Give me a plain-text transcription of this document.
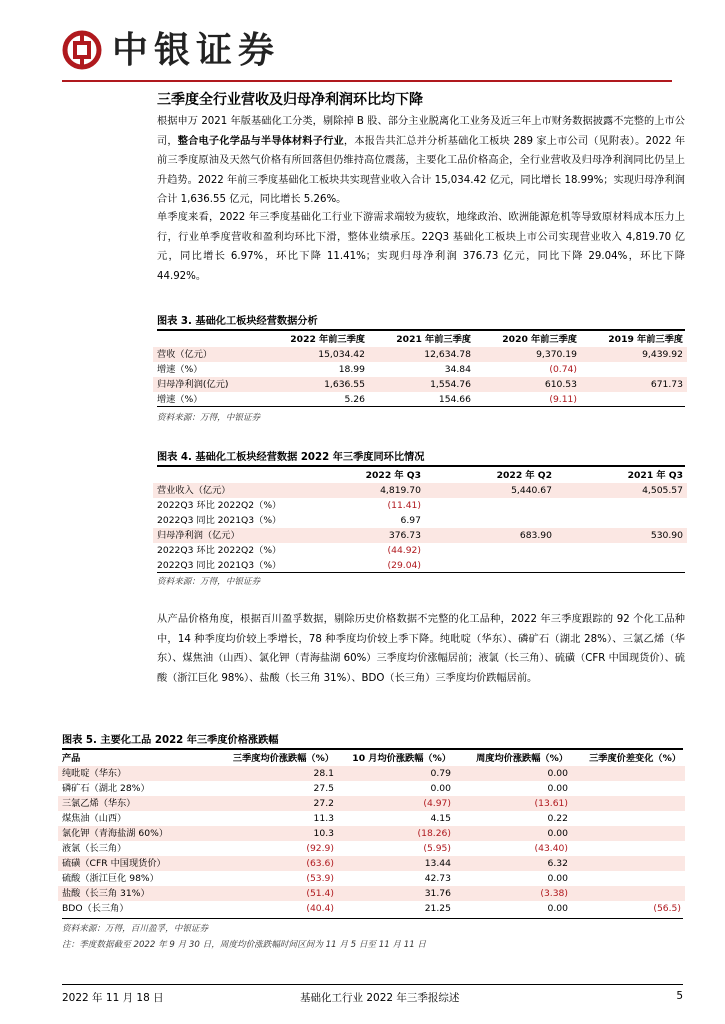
中银证券
三季度全行业营收及归母净利润环比均下降
根据申万 2021 年版基础化工分类，剔除掉 B 股、部分主业脱离化工业务及近三年上市财务数据披露不完整的上市公司，整合电子化学品与半导体材料子行业，本报告共汇总并分析基础化工板块 289 家上市公司（见附表）。2022 年前三季度原油及天然气价格有所回落但仍维持高位震荡，主要化工品价格高企，全行业营收及归母净利润同比仍呈上升趋势。2022 年前三季度基础化工板块共实现营业收入合计 15,034.42 亿元，同比增长 18.99%；实现归母净利润合计 1,636.55 亿元，同比增长 5.26%。
单季度来看，2022 年三季度基础化工行业下游需求端较为疲软，地缘政治、欧洲能源危机等导致原材料成本压力上行，行业单季度营收和盈利均环比下滑，整体业绩承压。22Q3 基础化工板块上市公司实现营业收入 4,819.70 亿元，同比增长 6.97%，环比下降 11.41%；实现归母净利润 376.73 亿元，同比下降 29.04%，环比下降 44.92%。
图表 3. 基础化工板块经营数据分析
	2022 年前三季度	2021 年前三季度	2020 年前三季度	2019 年前三季度
营收（亿元）	15,034.42	12,634.78	9,370.19	9,439.92
增速（%）	18.99	34.84	(0.74)	
归母净利润(亿元)	1,636.55	1,554.76	610.53	671.73
增速（%）	5.26	154.66	(9.11)	
资料来源：万得，中银证券
图表 4. 基础化工板块经营数据 2022 年三季度同环比情况
	2022 年 Q3	2022 年 Q2	2021 年 Q3
营业收入（亿元）	4,819.70	5,440.67	4,505.57
2022Q3 环比 2022Q2（%）	(11.41)		
2022Q3 同比 2021Q3（%）	6.97		
归母净利润（亿元）	376.73	683.90	530.90
2022Q3 环比 2022Q2（%）	(44.92)		
2022Q3 同比 2021Q3（%）	(29.04)		
资料来源：万得，中银证券
从产品价格角度，根据百川盈孚数据，剔除历史价格数据不完整的化工品种，2022 年三季度跟踪的 92 个化工品种中，14 种季度均价较上季增长，78 种季度均价较上季下降。纯吡啶（华东）、磷矿石（湖北 28%）、三氯乙烯（华东）、煤焦油（山西）、氯化钾（青海盐湖 60%）三季度均价涨幅居前；液氯（长三角）、硫磺（CFR 中国现货价）、硫酸（浙江巨化 98%）、盐酸（长三角 31%）、BDO（长三角）三季度均价跌幅居前。
图表 5. 主要化工品 2022 年三季度价格涨跌幅
产品	三季度均价涨跌幅（%）	10 月均价涨跌幅（%）	周度均价涨跌幅（%）	三季度价差变化（%）
纯吡啶（华东）	28.1	0.79	0.00	
磷矿石（湖北 28%）	27.5	0.00	0.00	
三氯乙烯（华东）	27.2	(4.97)	(13.61)	
煤焦油（山西）	11.3	4.15	0.22	
氯化钾（青海盐湖 60%）	10.3	(18.26)	0.00	
液氯（长三角）	(92.9)	(5.95)	(43.40)	
硫磺（CFR 中国现货价）	(63.6)	13.44	6.32	
硫酸（浙江巨化 98%）	(53.9)	42.73	0.00	
盐酸（长三角 31%）	(51.4)	31.76	(3.38)	
BDO（长三角）	(40.4)	21.25	0.00	(56.5)
资料来源：万得，百川盈孚，中银证券
注：季度数据截至 2022 年 9 月 30 日，周度均价涨跌幅时间区间为 11 月 5 日至 11 月 11 日
2022 年 11 月 18 日	基础化工行业 2022 年三季报综述	5
